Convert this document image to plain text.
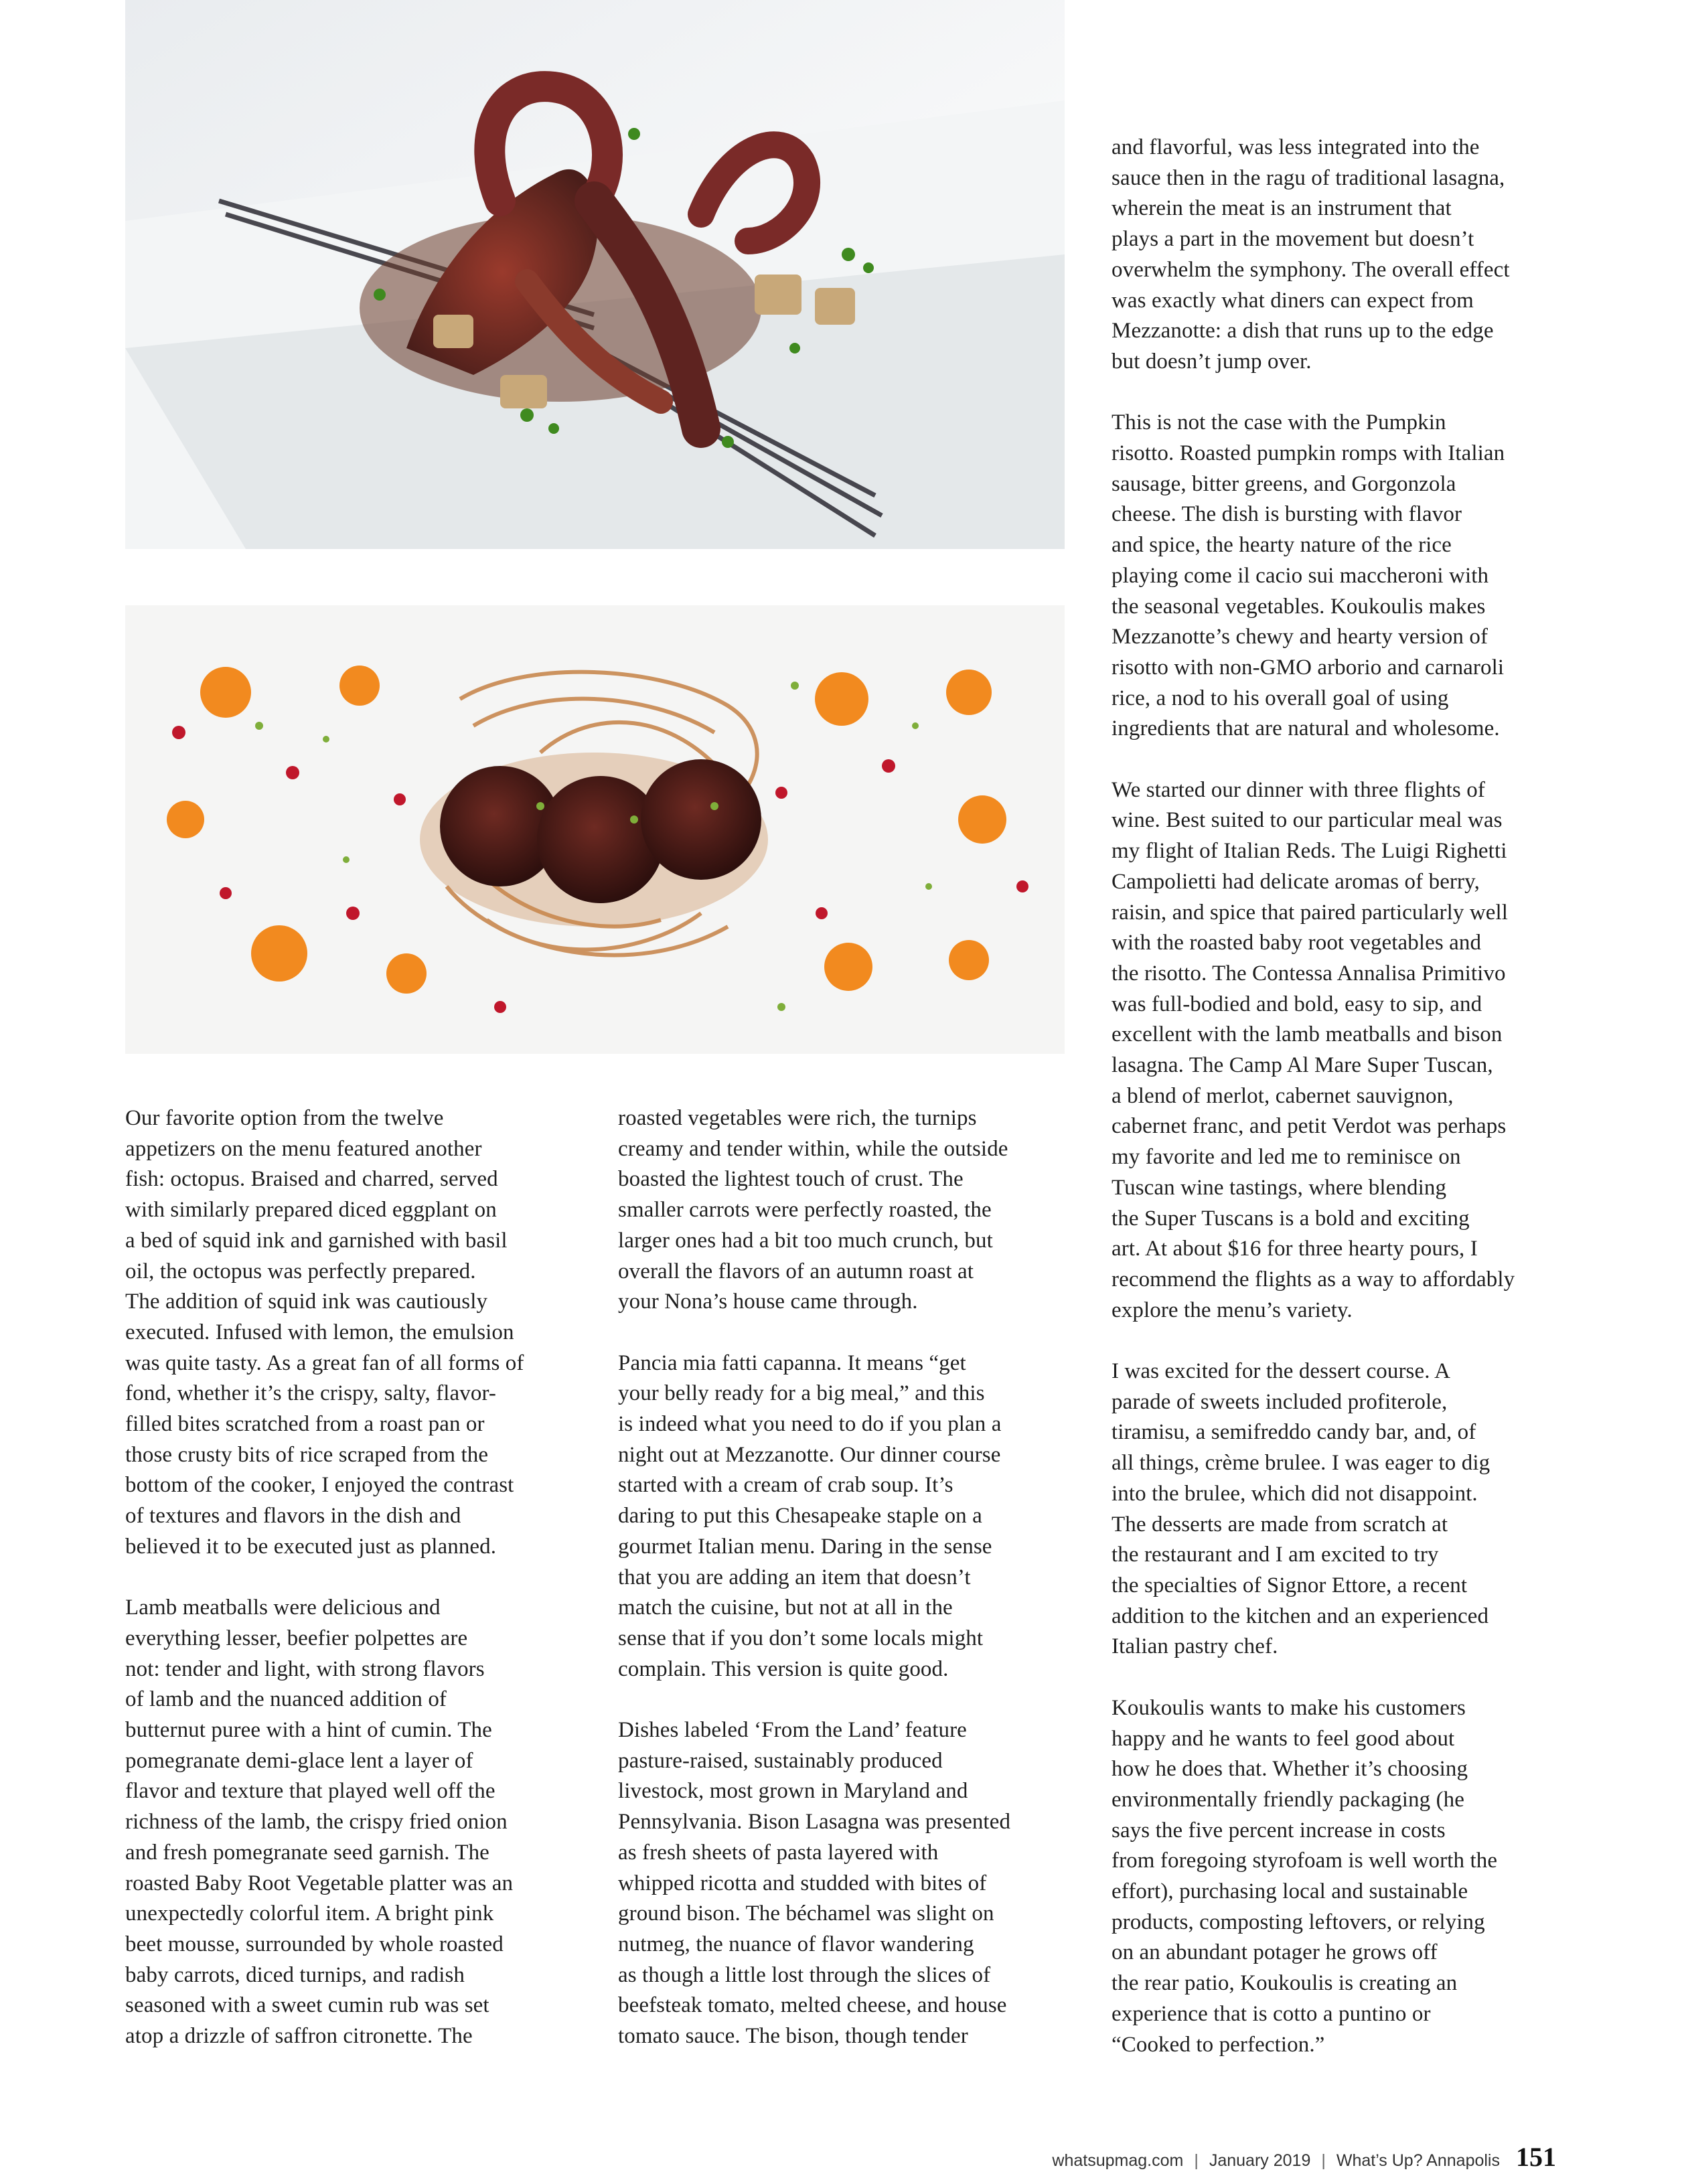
Our favorite option from the twelve
appetizers on the menu featured another
fish: octopus. Braised and charred, served
with similarly prepared diced eggplant on
a bed of squid ink and garnished with basil
oil, the octopus was perfectly prepared.
The addition of squid ink was cautiously
executed. Infused with lemon, the emulsion
was quite tasty. As a great fan of all forms of
fond, whether it’s the crispy, salty, flavor-
filled bites scratched from a roast pan or
those crusty bits of rice scraped from the
bottom of the cooker, I enjoyed the contrast
of textures and flavors in the dish and
believed it to be executed just as planned.

Lamb meatballs were delicious and
everything lesser, beefier polpettes are
not: tender and light, with strong flavors
of lamb and the nuanced addition of
butternut puree with a hint of cumin. The
pomegranate demi-glace lent a layer of
flavor and texture that played well off the
richness of the lamb, the crispy fried onion
and fresh pomegranate seed garnish. The
roasted Baby Root Vegetable platter was an
unexpectedly colorful item. A bright pink
beet mousse, surrounded by whole roasted
baby carrots, diced turnips, and radish
seasoned with a sweet cumin rub was set
atop a drizzle of saffron citronette. The

roasted vegetables were rich, the turnips
creamy and tender within, while the outside
boasted the lightest touch of crust. The
smaller carrots were perfectly roasted, the
larger ones had a bit too much crunch, but
overall the flavors of an autumn roast at
your Nona’s house came through.

Pancia mia fatti capanna. It means “get
your belly ready for a big meal,” and this
is indeed what you need to do if you plan a
night out at Mezzanotte. Our dinner course
started with a cream of crab soup. It’s
daring to put this Chesapeake staple on a
gourmet Italian menu. Daring in the sense
that you are adding an item that doesn’t
match the cuisine, but not at all in the
sense that if you don’t some locals might
complain. This version is quite good.

Dishes labeled ‘From the Land’ feature
pasture-raised, sustainably produced
livestock, most grown in Maryland and
Pennsylvania. Bison Lasagna was presented
as fresh sheets of pasta layered with
whipped ricotta and studded with bites of
ground bison. The béchamel was slight on
nutmeg, the nuance of flavor wandering
as though a little lost through the slices of
beefsteak tomato, melted cheese, and house
tomato sauce. The bison, though tender

and flavorful, was less integrated into the
sauce then in the ragu of traditional lasagna,
wherein the meat is an instrument that
plays a part in the movement but doesn’t
overwhelm the symphony. The overall effect
was exactly what diners can expect from
Mezzanotte: a dish that runs up to the edge
but doesn’t jump over.

This is not the case with the Pumpkin
risotto. Roasted pumpkin romps with Italian
sausage, bitter greens, and Gorgonzola
cheese. The dish is bursting with flavor
and spice, the hearty nature of the rice
playing come il cacio sui maccheroni with
the seasonal vegetables. Koukoulis makes
Mezzanotte’s chewy and hearty version of
risotto with non-GMO arborio and carnaroli
rice, a nod to his overall goal of using
ingredients that are natural and wholesome.

We started our dinner with three flights of
wine. Best suited to our particular meal was
my flight of Italian Reds. The Luigi Righetti
Campolietti had delicate aromas of berry,
raisin, and spice that paired particularly well
with the roasted baby root vegetables and
the risotto. The Contessa Annalisa Primitivo
was full-bodied and bold, easy to sip, and
excellent with the lamb meatballs and bison
lasagna. The Camp Al Mare Super Tuscan,
a blend of merlot, cabernet sauvignon,
cabernet franc, and petit Verdot was perhaps
my favorite and led me to reminisce on
Tuscan wine tastings, where blending
the Super Tuscans is a bold and exciting
art. At about $16 for three hearty pours, I
recommend the flights as a way to affordably
explore the menu’s variety.

I was excited for the dessert course. A
parade of sweets included profiterole,
tiramisu, a semifreddo candy bar, and, of
all things, crème brulee. I was eager to dig
into the brulee, which did not disappoint.
The desserts are made from scratch at
the restaurant and I am excited to try
the specialties of Signor Ettore, a recent
addition to the kitchen and an experienced
Italian pastry chef.

Koukoulis wants to make his customers
happy and he wants to feel good about
how he does that. Whether it’s choosing
environmentally friendly packaging (he
says the five percent increase in costs
from foregoing styrofoam is well worth the
effort), purchasing local and sustainable
products, composting leftovers, or relying
on an abundant potager he grows off
the rear patio, Koukoulis is creating an
experience that is cotto a puntino or
“Cooked to perfection.”

whatsupmag.com | January 2019 | What’s Up? Annapolis 151
